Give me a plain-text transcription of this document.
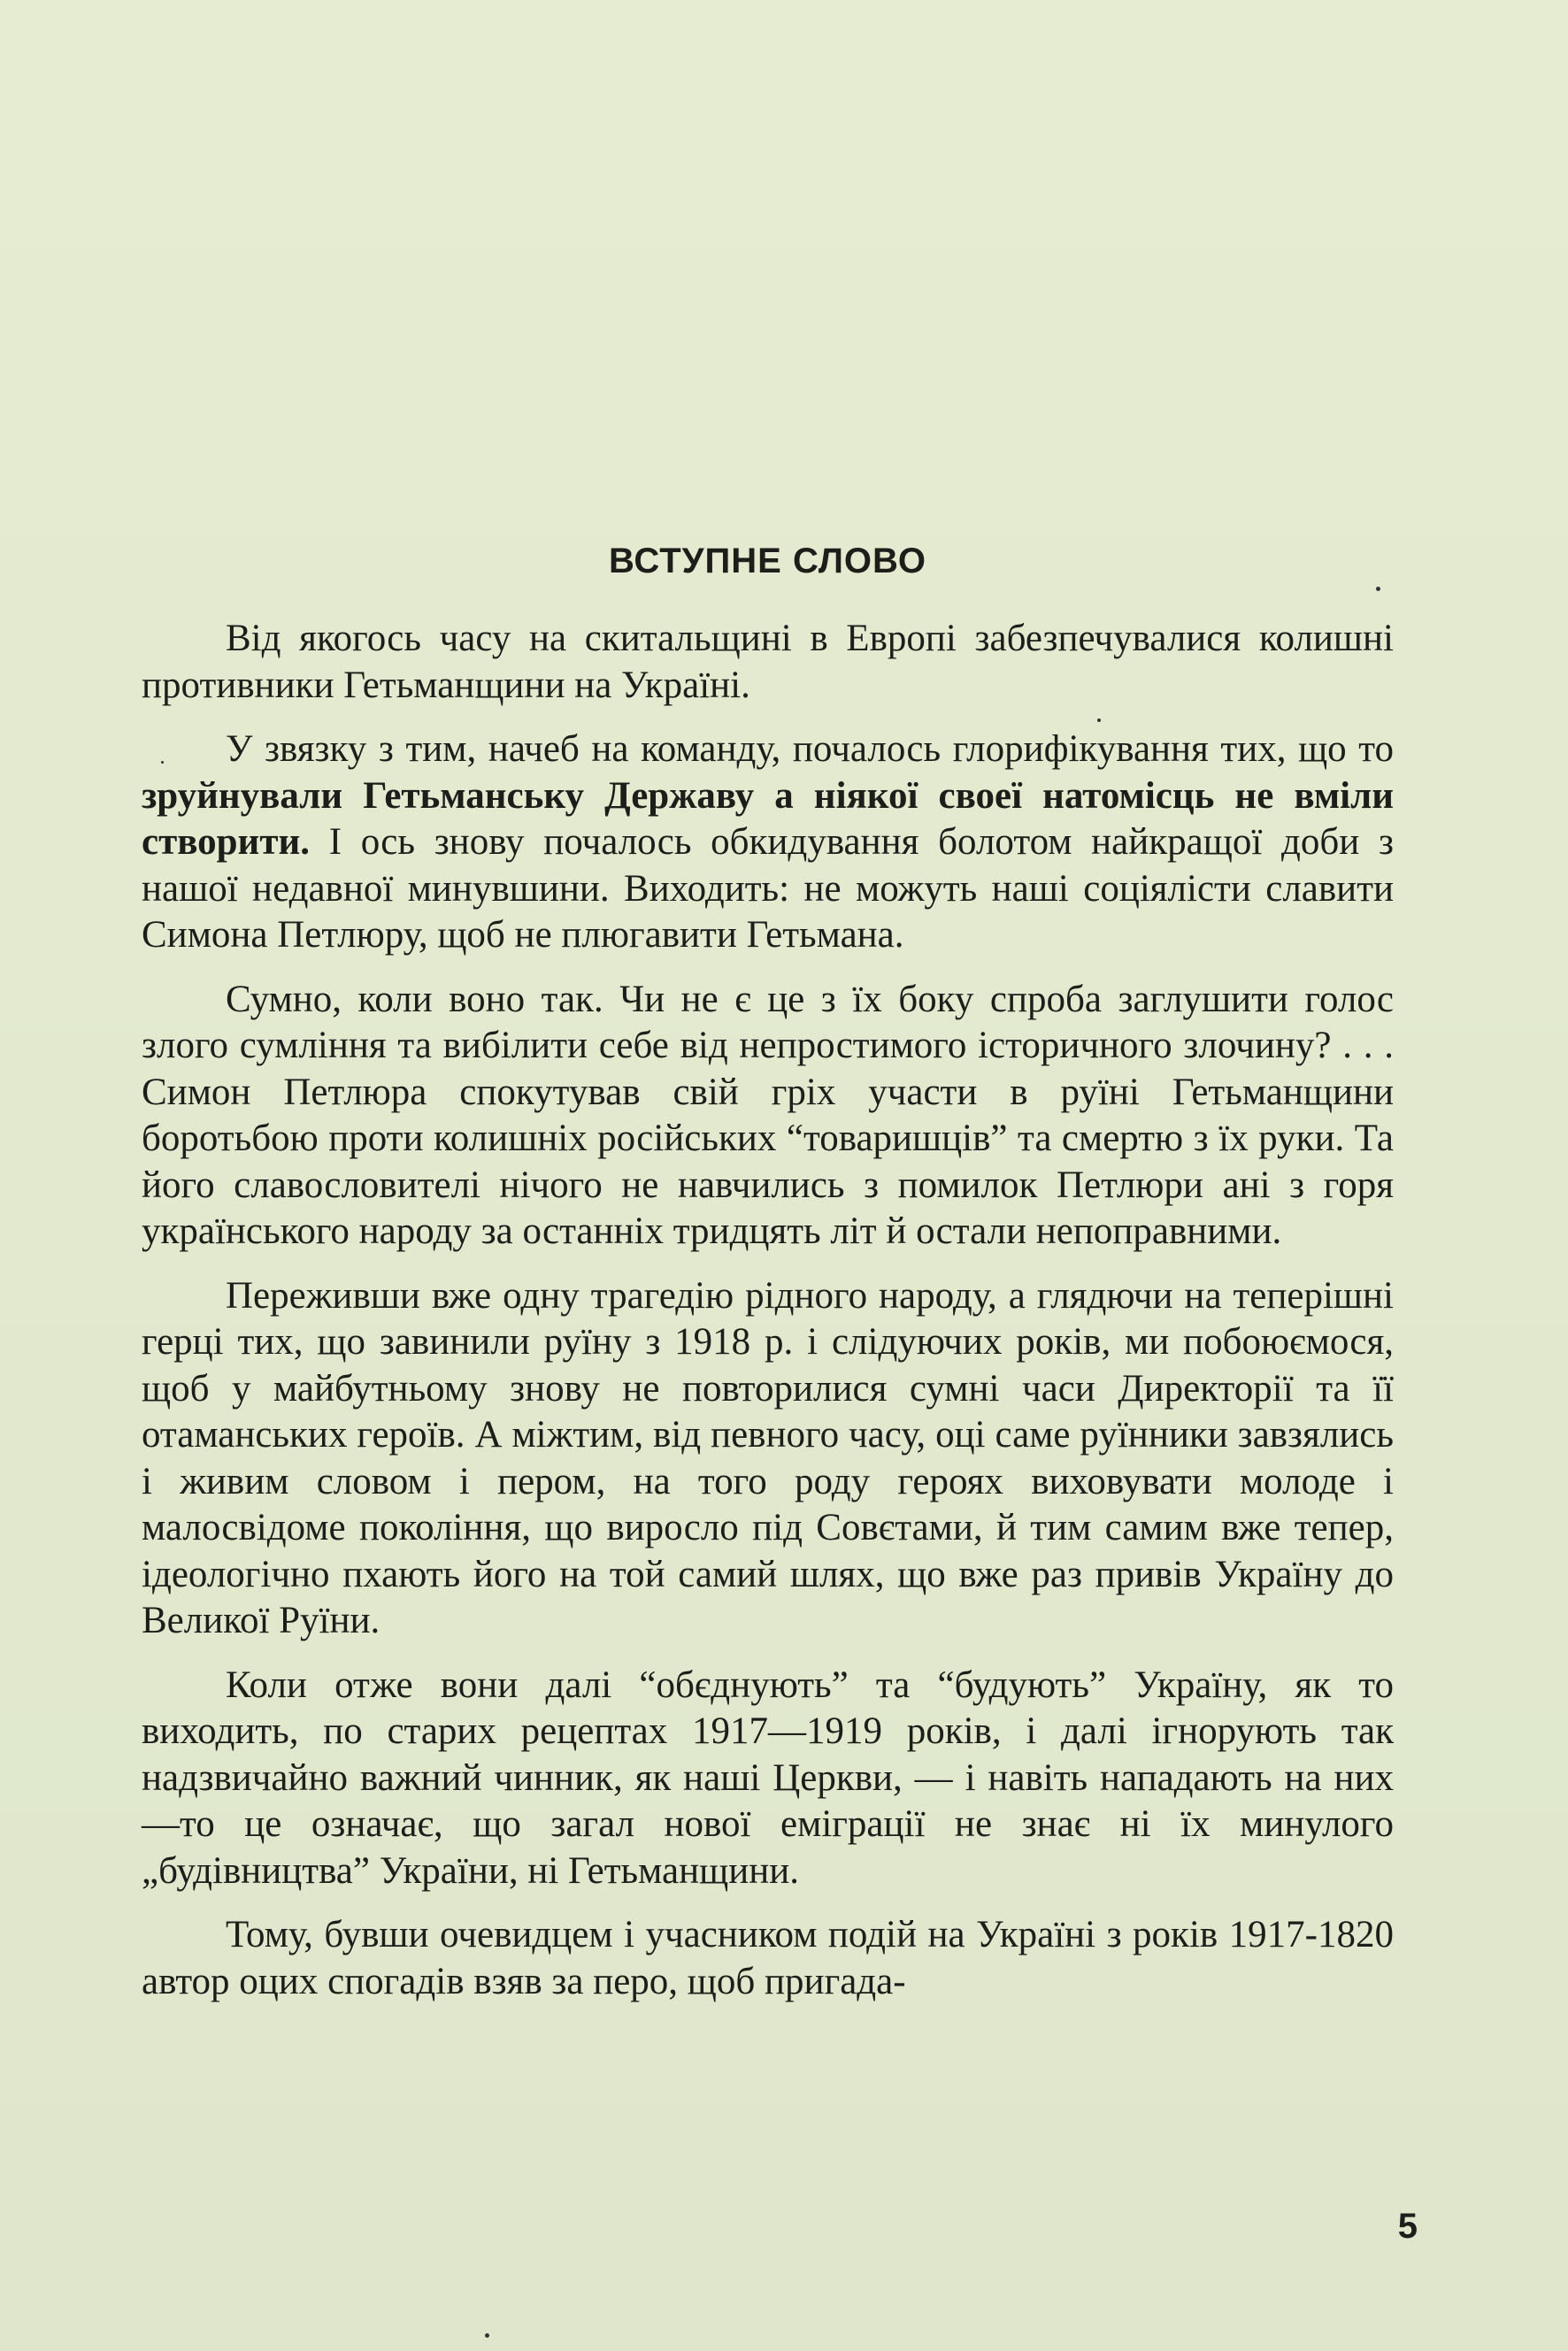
ВСТУПНЕ СЛОВО

Від якогось часу на скитальщині в Европі забезпечувалися колишні противники Гетьманщини на Україні.

У звязку з тим, начеб на команду, почалось глорифікування тих, що то зруйнували Гетьманську Державу а ніякої своеї натомісць не вміли створити. І ось знову почалось обкидування болотом найкращої доби з нашої недавної минувшини. Виходить: не можуть наші соціялісти славити Симона Петлюру, щоб не плюгавити Гетьмана.

Сумно, коли воно так. Чи не є це з їх боку спроба заглушити голос злого сумління та вибілити себе від непростимого історичного злочину? . . . Симон Петлюра спокутував свій гріх участи в руїні Гетьманщини боротьбою проти колишніх російських “товаришців” та смертю з їх руки. Та його славословителі нічого не навчились з помилок Петлюри ані з горя українського народу за останніх тридцять літ й остали непоправними.

Переживши вже одну трагедію рідного народу, а глядючи на теперішні герці тих, що завинили руїну з 1918 р. і слідуючих років, ми побоюємося, щоб у майбутньому знову не повторилися сумні часи Директорії та її отаманських героїв. А міжтим, від певного часу, оці саме руїнники завзялись і живим словом і пером, на того роду героях виховувати молоде і малосвідоме покоління, що виросло під Совєтами, й тим самим вже тепер, ідеологічно пхають його на той самий шлях, що вже раз привів Україну до Великої Руїни.

Коли отже вони далі “обєднують” та “будують” Україну, як то виходить, по старих рецептах 1917—1919 років, і далі ігнорують так надзвичайно важний чинник, як наші Церкви, — і навіть нападають на них—то це означає, що загал нової еміграції не знає ні їх минулого „будівництва” України, ні Гетьманщини.

Тому, бувши очевидцем і учасником подій на Україні з років 1917-1820 автор оцих спогадів взяв за перо, щоб пригада-

5
